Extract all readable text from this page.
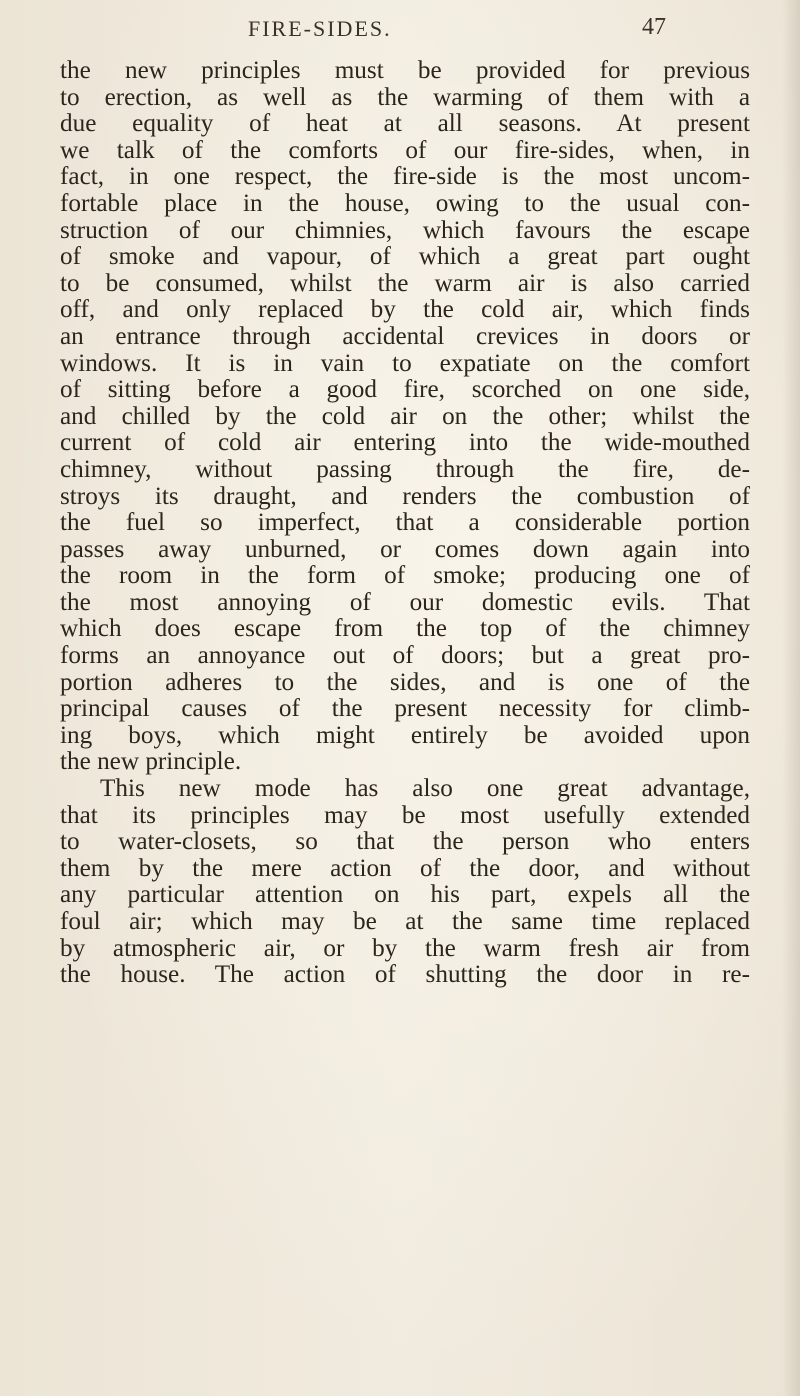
FIRE-SIDES.	47
the new principles must be provided for previous
to erection, as well as the warming of them with a
due equality of heat at all seasons. At present
we talk of the comforts of our fire-sides, when, in
fact, in one respect, the fire-side is the most uncom-
fortable place in the house, owing to the usual con-
struction of our chimnies, which favours the escape
of smoke and vapour, of which a great part ought
to be consumed, whilst the warm air is also carried
off, and only replaced by the cold air, which finds
an entrance through accidental crevices in doors or
windows. It is in vain to expatiate on the comfort
of sitting before a good fire, scorched on one side,
and chilled by the cold air on the other; whilst the
current of cold air entering into the wide-mouthed
chimney, without passing through the fire, de-
stroys its draught, and renders the combustion of
the fuel so imperfect, that a considerable portion
passes away unburned, or comes down again into
the room in the form of smoke; producing one of
the most annoying of our domestic evils. That
which does escape from the top of the chimney
forms an annoyance out of doors; but a great pro-
portion adheres to the sides, and is one of the
principal causes of the present necessity for climb-
ing boys, which might entirely be avoided upon
the new principle.
This new mode has also one great advantage,
that its principles may be most usefully extended
to water-closets, so that the person who enters
them by the mere action of the door, and without
any particular attention on his part, expels all the
foul air; which may be at the same time replaced
by atmospheric air, or by the warm fresh air from
the house. The action of shutting the door in re-
